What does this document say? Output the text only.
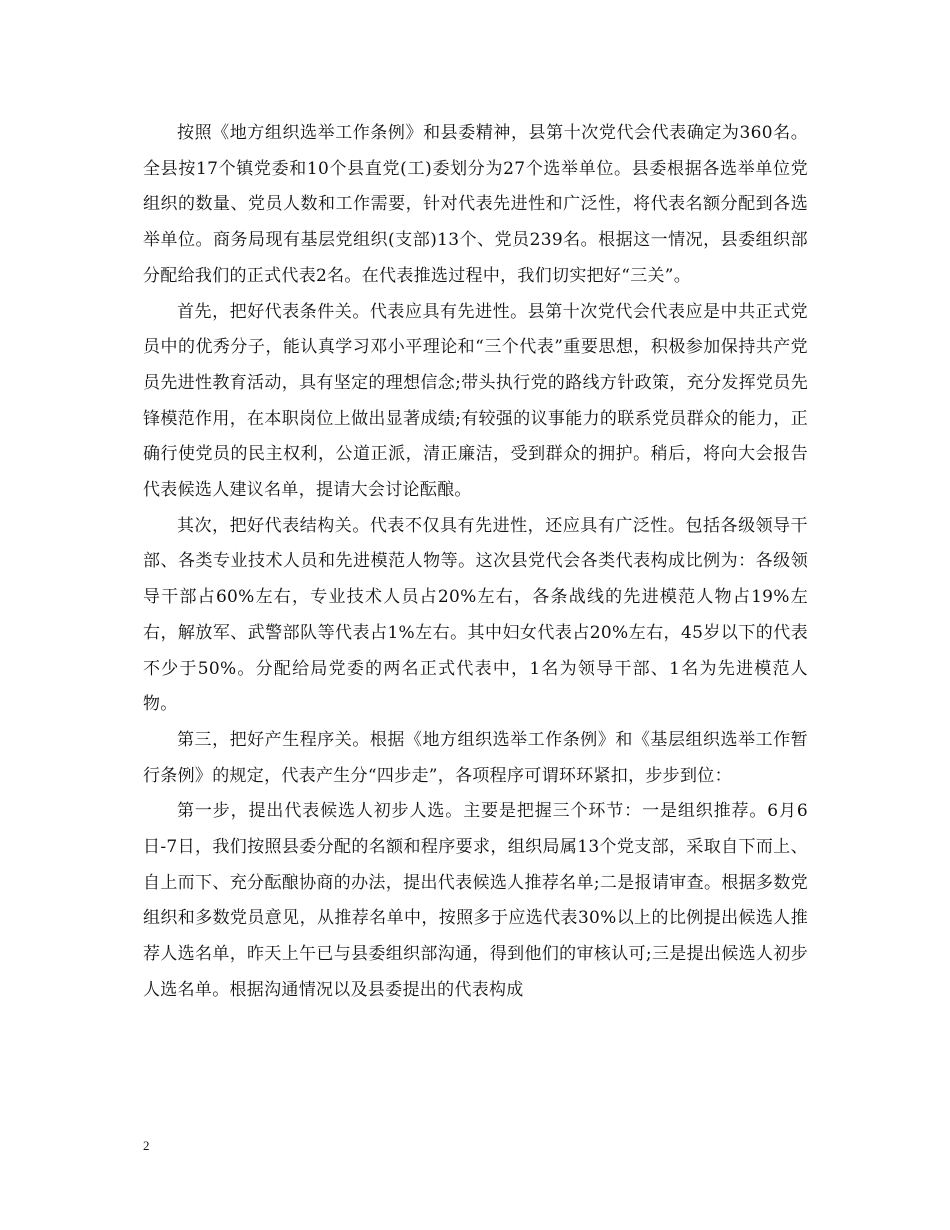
按照《地方组织选举工作条例》和县委精神，县第十次党代会代表确定为360名。全县按17个镇党委和10个县直党(工)委划分为27个选举单位。县委根据各选举单位党组织的数量、党员人数和工作需要，针对代表先进性和广泛性，将代表名额分配到各选举单位。商务局现有基层党组织(支部)13个、党员239名。根据这一情况，县委组织部分配给我们的正式代表2名。在代表推选过程中，我们切实把好“三关”。

首先，把好代表条件关。代表应具有先进性。县第十次党代会代表应是中共正式党员中的优秀分子，能认真学习邓小平理论和“三个代表”重要思想，积极参加保持共产党员先进性教育活动，具有坚定的理想信念;带头执行党的路线方针政策，充分发挥党员先锋模范作用，在本职岗位上做出显著成绩;有较强的议事能力的联系党员群众的能力，正确行使党员的民主权利，公道正派，清正廉洁，受到群众的拥护。稍后，将向大会报告代表候选人建议名单，提请大会讨论酝酿。

其次，把好代表结构关。代表不仅具有先进性，还应具有广泛性。包括各级领导干部、各类专业技术人员和先进模范人物等。这次县党代会各类代表构成比例为：各级领导干部占60%左右，专业技术人员占20%左右，各条战线的先进模范人物占19%左右，解放军、武警部队等代表占1%左右。其中妇女代表占20%左右，45岁以下的代表不少于50%。分配给局党委的两名正式代表中，1名为领导干部、1名为先进模范人物。

第三，把好产生程序关。根据《地方组织选举工作条例》和《基层组织选举工作暂行条例》的规定，代表产生分“四步走”，各项程序可谓环环紧扣，步步到位：

第一步，提出代表候选人初步人选。主要是把握三个环节：一是组织推荐。6月6日-7日，我们按照县委分配的名额和程序要求，组织局属13个党支部，采取自下而上、自上而下、充分酝酿协商的办法，提出代表候选人推荐名单;二是报请审查。根据多数党组织和多数党员意见，从推荐名单中，按照多于应选代表30%以上的比例提出候选人推荐人选名单，昨天上午已与县委组织部沟通，得到他们的审核认可;三是提出候选人初步人选名单。根据沟通情况以及县委提出的代表构成

2
